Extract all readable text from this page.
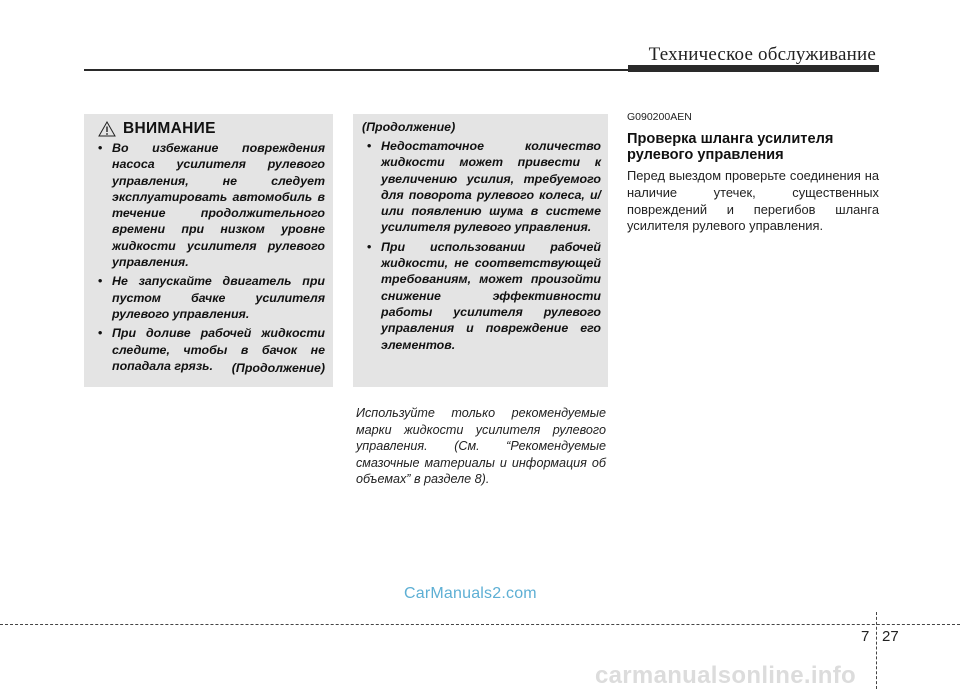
Техническое обслуживание
ВНИМАНИЕ
• Во избежание повреждения насоса усилителя рулевого управления, не следует эксплуатировать автомобиль в течение продолжительного времени при низком уровне жидкости усилителя рулевого управления.
• Не запускайте двигатель при пустом бачке усилителя рулевого управления.
• При доливе рабочей жидкости следите, чтобы в бачок не попадала грязь.	(Продолжение)
(Продолжение)
• Недостаточное количество жидкости может привести к увеличению усилия, требуемого для поворота рулевого колеса, и/или появлению шума в системе усилителя рулевого управления.
• При использовании рабочей жидкости, не соответствующей требованиям, может произойти снижение эффективности работы усилителя рулевого управления и повреждение его элементов.
Используйте только рекомендуемые марки жидкости усилителя рулевого управления. (См. “Рекомендуемые смазочные материалы и информация об объемах” в разделе 8).
G090200AEN
Проверка шланга усилителя рулевого управления
Перед выездом проверьте соединения на наличие утечек, существенных повреждений и перегибов шланга усилителя рулевого управления.
CarManuals2.com
7 27
carmanualsonline.info
